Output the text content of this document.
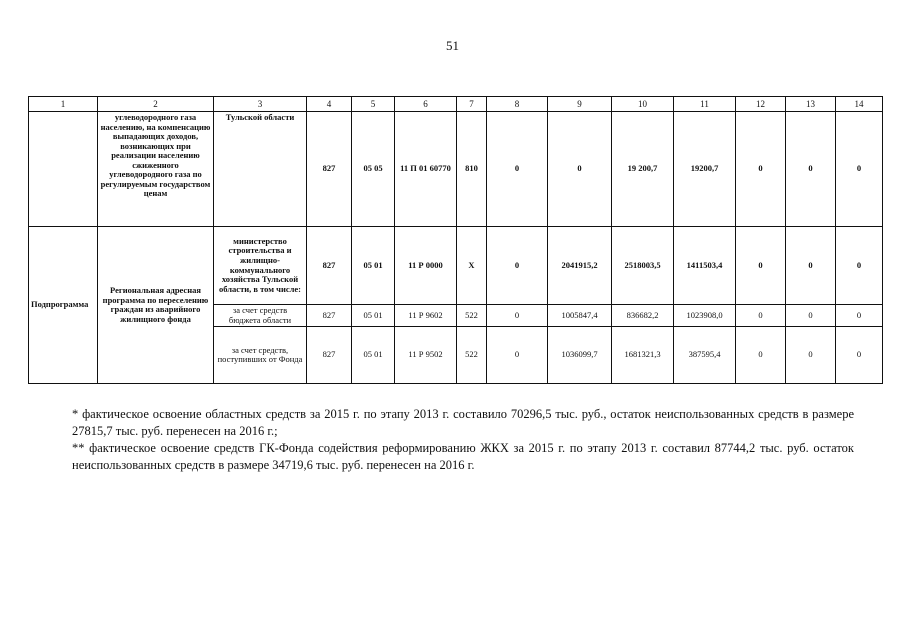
51
1	2	3	4	5	6	7	8	9	10	11	12	13	14
	углеводородного газа населению, на компенсацию выпадающих доходов, возникающих при реализации населению сжиженного углеводородного газа по регулируемым государством ценам	Тульской области	827	05 05	11 П 01 60770	810	0	0	19 200,7	19200,7	0	0	0
Подпрограмма	Региональная адресная программа по переселению граждан из аварийного жилищного фонда	министерство строительства и жилищно-коммунального хозяйства Тульской области, в том числе:	827	05 01	11 Р 0000	Х	0	2041915,2	2518003,5	1411503,4	0	0	0
		за счет средств бюджета области	827	05 01	11 Р 9602	522	0	1005847,4	836682,2	1023908,0	0	0	0
		за счет средств, поступивших от Фонда	827	05 01	11 Р 9502	522	0	1036099,7	1681321,3	387595,4	0	0	0

* фактическое освоение областных средств за 2015 г. по этапу 2013 г. составило 70296,5 тыс. руб., остаток неиспользованных средств в размере 27815,7 тыс. руб. перенесен на 2016 г.;

** фактическое освоение средств ГК-Фонда содействия реформированию ЖКХ за 2015 г. по этапу 2013 г. составил 87744,2 тыс. руб. остаток неиспользованных средств в размере 34719,6 тыс. руб. перенесен на 2016 г.
